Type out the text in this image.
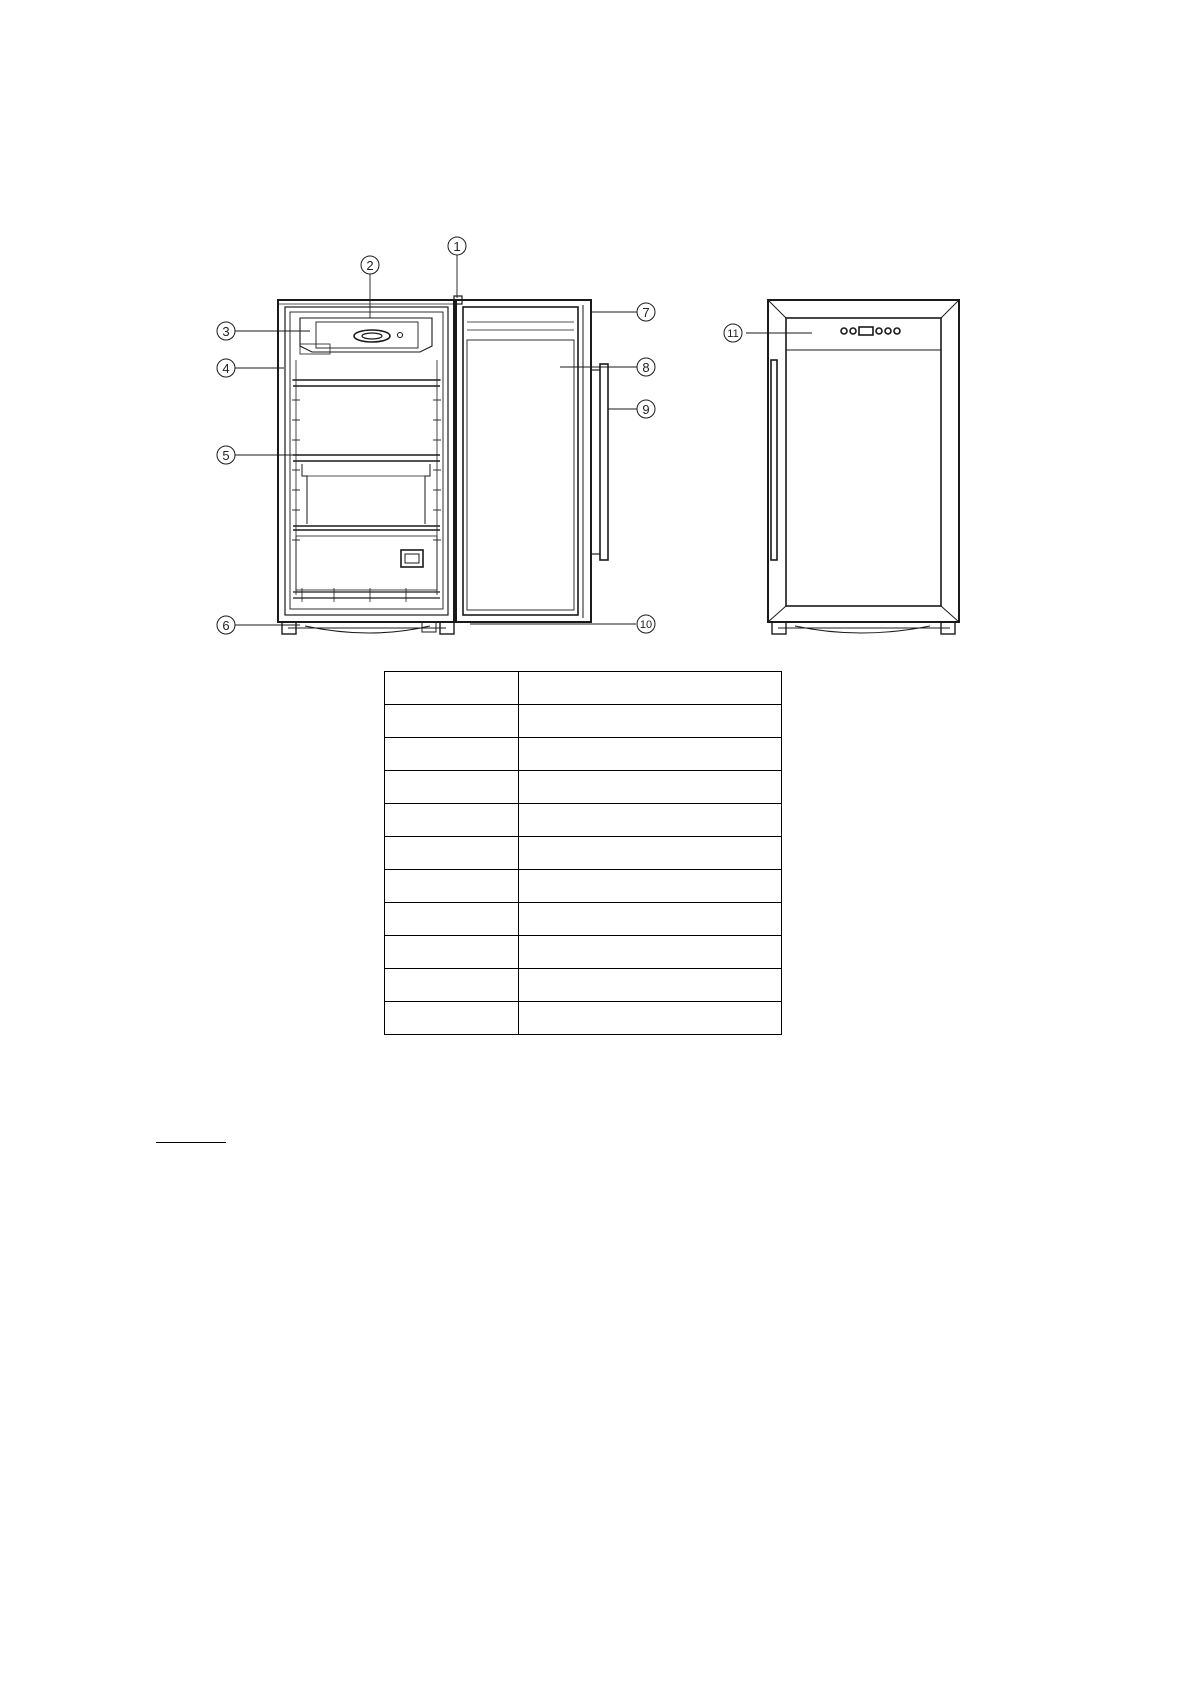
1
2
3
4
5
6
7
8
9
10
11
